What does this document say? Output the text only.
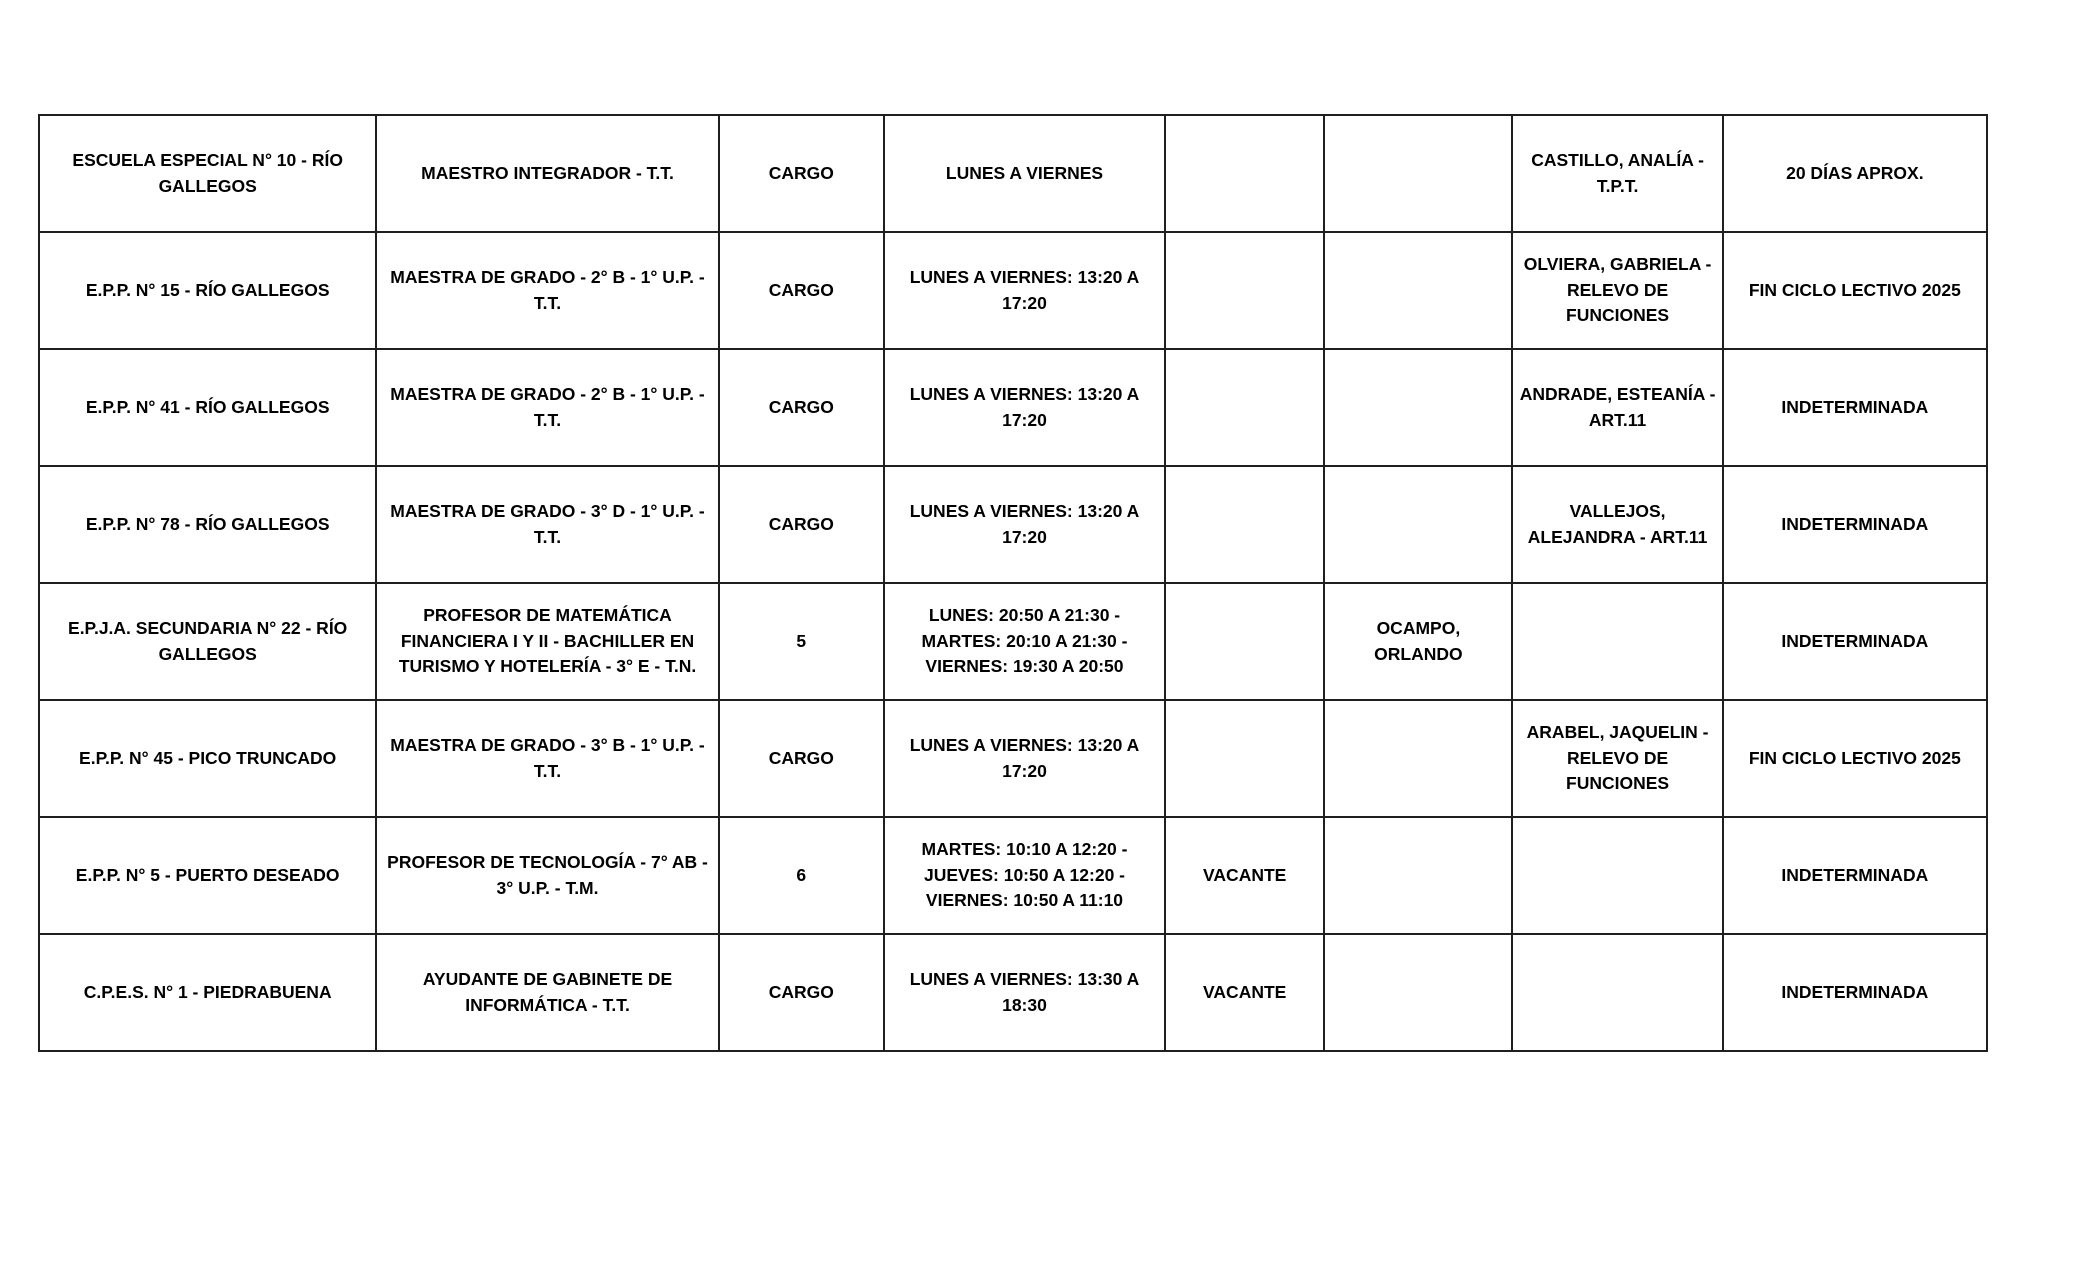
ESCUELA ESPECIAL N° 10 - RÍO GALLEGOS	MAESTRO INTEGRADOR - T.T.	CARGO	LUNES A VIERNES			CASTILLO, ANALÍA - T.P.T.	20 DÍAS APROX.
E.P.P. N° 15 - RÍO GALLEGOS	MAESTRA DE GRADO - 2° B - 1° U.P. - T.T.	CARGO	LUNES A VIERNES: 13:20 A 17:20			OLVIERA, GABRIELA - RELEVO DE FUNCIONES	FIN CICLO LECTIVO 2025
E.P.P. N° 41 - RÍO GALLEGOS	MAESTRA DE GRADO - 2° B - 1° U.P. - T.T.	CARGO	LUNES A VIERNES: 13:20 A 17:20			ANDRADE, ESTEANÍA - ART.11	INDETERMINADA
E.P.P. N° 78 - RÍO GALLEGOS	MAESTRA DE GRADO - 3° D - 1° U.P. - T.T.	CARGO	LUNES A VIERNES: 13:20 A 17:20			VALLEJOS, ALEJANDRA - ART.11	INDETERMINADA
E.P.J.A. SECUNDARIA N° 22 - RÍO GALLEGOS	PROFESOR DE MATEMÁTICA FINANCIERA I Y II - BACHILLER EN TURISMO Y HOTELERÍA - 3° E - T.N.	5	LUNES: 20:50 A 21:30 - MARTES: 20:10 A 21:30 - VIERNES: 19:30 A 20:50		OCAMPO, ORLANDO		INDETERMINADA
E.P.P. N° 45 - PICO TRUNCADO	MAESTRA DE GRADO - 3° B - 1° U.P. - T.T.	CARGO	LUNES A VIERNES: 13:20 A 17:20			ARABEL, JAQUELIN - RELEVO DE FUNCIONES	FIN CICLO LECTIVO 2025
E.P.P. N° 5 - PUERTO DESEADO	PROFESOR DE TECNOLOGÍA - 7° AB - 3° U.P. - T.M.	6	MARTES: 10:10 A 12:20 - JUEVES: 10:50 A 12:20 - VIERNES: 10:50 A 11:10	VACANTE			INDETERMINADA
C.P.E.S. N° 1 - PIEDRABUENA	AYUDANTE DE GABINETE DE INFORMÁTICA - T.T.	CARGO	LUNES A VIERNES: 13:30 A 18:30	VACANTE			INDETERMINADA
